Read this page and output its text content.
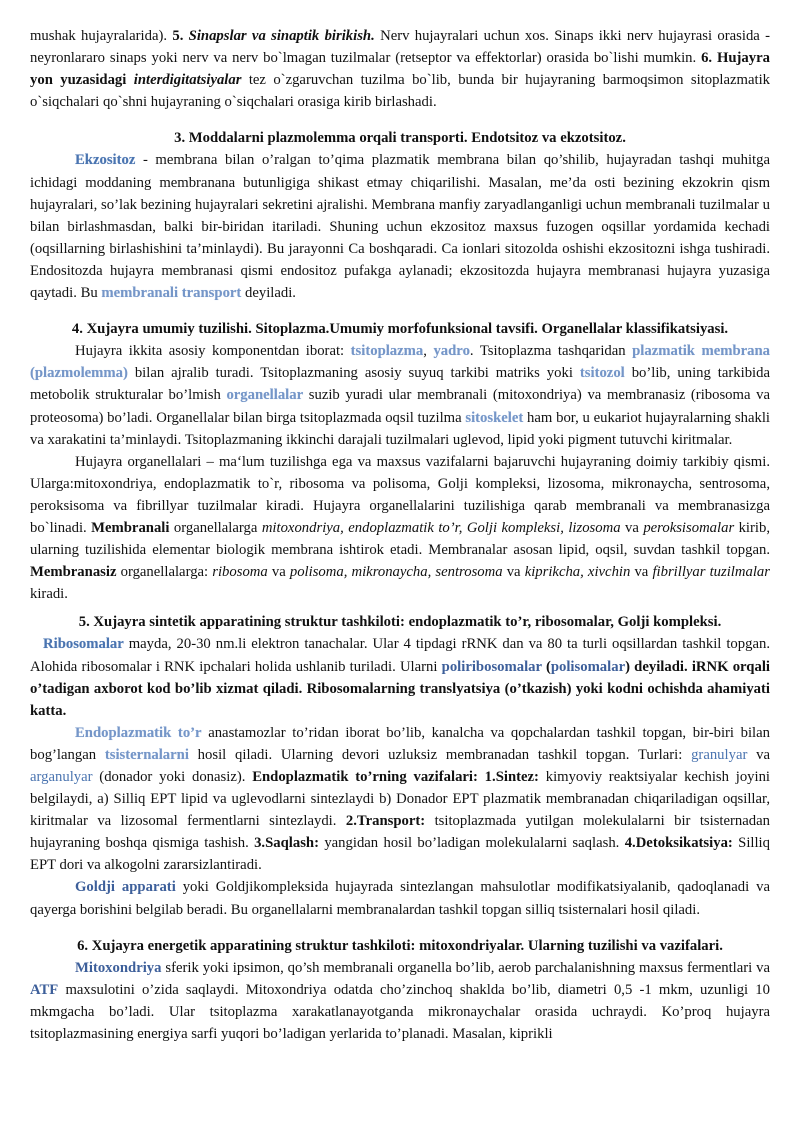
mushak hujayralarida). 5. Sinapslar va sinaptik birikish. Nerv hujayralari uchun xos. Sinaps ikki nerv hujayrasi orasida - neyronlararo sinaps yoki nerv va nerv bo`lmagan tuzilmalar (retseptor va effektorlar) orasida bo`lishi mumkin. 6. Hujayra yon yuzasidagi interdigitatsiyalar tez o`zgaruvchan tuzilma bo`lib, bunda bir hujayraning barmoqsimon sitoplazmatik o`siqchalari qo`shni hujayraning o`siqchalari orasiga kirib birlashadi.

3. Moddalarni plazmolemma orqali transporti. Endotsitoz va ekzotsitoz.

Ekzositoz - membrana bilan o’ralgan to’qima plazmatik membrana bilan qo’shilib, hujayradan tashqi muhitga ichidagi moddaning membranana butunligiga shikast etmay chiqarilishi. Masalan, me’da osti bezining ekzokrin qism hujayralari, so’lak bezining hujayralari sekretini ajralishi. Membrana manfiy zaryadlanganligi uchun membranali tuzilmalar u bilan birlashmasdan, balki bir-biridan itariladi. Shuning uchun ekzositoz maxsus fuzogen oqsillar yordamida kechadi (oqsillarning birlashishini ta’minlaydi). Bu jarayonni Ca boshqaradi. Ca ionlari sitozolda oshishi ekzositozni ishga tushiradi. Endositozda hujayra membranasi qismi endositoz pufakga aylanadi; ekzositozda hujayra membranasi hujayra yuzasiga qaytadi. Bu membranali transport deyiladi.

4. Xujayra umumiy tuzilishi. Sitoplazma.Umumiy morfofunksional tavsifi. Organellalar klassifikatsiyasi.

Hujayra ikkita asosiy komponentdan iborat: tsitoplazma, yadro. Tsitoplazma tashqaridan plazmatik membrana (plazmolemma) bilan ajralib turadi. Tsitoplazmaning asosiy suyuq tarkibi matriks yoki tsitozol bo’lib, uning tarkibida metobolik strukturalar bo’lmish organellalar suzib yuradi ular membranali (mitoxondriya) va membranasiz (ribosoma va proteosoma) bo’ladi. Organellalar bilan birga tsitoplazmada oqsil tuzilma sitoskelet ham bor, u eukariot hujayralarning shakli va xarakatini ta’minlaydi. Tsitoplazmaning ikkinchi darajali tuzilmalari uglevod, lipid yoki pigment tutuvchi kiritmalar.

Hujayra organellalari – ma‘lum tuzilishga ega va maxsus vazifalarni bajaruvchi hujayraning doimiy tarkibiy qismi. Ularga:mitoxondriya, endoplazmatik to`r, ribosoma va polisoma, Golji kompleksi, lizosoma, mikronaycha, sentrosoma, peroksisoma va fibrillyar tuzilmalar kiradi. Hujayra organellalarini tuzilishiga qarab membranali va membranasizga bo`linadi. Membranali organellalarga mitoxondriya, endoplazmatik to’r, Golji kompleksi, lizosoma va peroksisomalar kirib, ularning tuzilishida elementar biologik membrana ishtirok etadi. Membranalar asosan lipid, oqsil, suvdan tashkil topgan. Membranasiz organellalarga: ribosoma va polisoma, mikronaycha, sentrosoma va kiprikcha, xivchin va fibrillyar tuzilmalar kiradi.

5. Xujayra sintetik apparatining struktur tashkiloti: endoplazmatik to’r, ribosomalar, Golji kompleksi.

Ribosomalar mayda, 20-30 nm.li elektron tanachalar. Ular 4 tipdagi rRNK dan va 80 ta turli oqsillardan tashkil topgan. Alohida ribosomalar i RNK ipchalari holida ushlanib turiladi. Ularni poliribosomalar (polisomalar) deyiladi. iRNK orqali o’tadigan axborot kod bo’lib xizmat qiladi. Ribosomalarning translyatsiya (o’tkazish) yoki kodni ochishda ahamiyati katta.

Endoplazmatik to’r anastamozlar to’ridan iborat bo’lib, kanalcha va qopchalardan tashkil topgan, bir-biri bilan bog’langan tsisternalarni hosil qiladi. Ularning devori uzluksiz membranadan tashkil topgan. Turlari: granulyar va arganulyar (donador yoki donasiz). Endoplazmatik to’rning vazifalari: 1.Sintez: kimyoviy reaktsiyalar kechish joyini belgilaydi, a) Silliq EPT lipid va uglevodlarni sintezlaydi b) Donador EPT plazmatik membranadan chiqariladigan oqsillar, kiritmalar va lizosomal fermentlarni sintezlaydi. 2.Transport: tsitoplazmada yutilgan molekulalarni bir tsisternadan hujayraning boshqa qismiga tashish. 3.Saqlash: yangidan hosil bo’ladigan molekulalarni saqlash. 4.Detoksikatsiya: Silliq EPT dori va alkogolni zararsizlantiradi.

Goldji apparati yoki Goldjikompleksida hujayrada sintezlangan mahsulotlar modifikatsiyalanib, qadoqlanadi va qayerga borishini belgilab beradi. Bu organellalarni membranalardan tashkil topgan silliq tsisternalari hosil qiladi.

6. Xujayra energetik apparatining struktur tashkiloti: mitoxondriyalar. Ularning tuzilishi va vazifalari.

Mitoxondriya sferik yoki ipsimon, qo’sh membranali organella bo’lib, aerob parchalanishning maxsus fermentlari va ATF maxsulotini o’zida saqlaydi. Mitoxondriya odatda cho’zinchoq shaklda bo’lib, diametri 0,5 -1 mkm, uzunligi 10 mkmgacha bo’ladi. Ular tsitoplazma xarakatlanayotganda mikronaychalar orasida uchraydi. Ko’proq hujayra tsitoplazmasining energiya sarfi yuqori bo’ladigan yerlarida to’planadi. Masalan, kiprikli
